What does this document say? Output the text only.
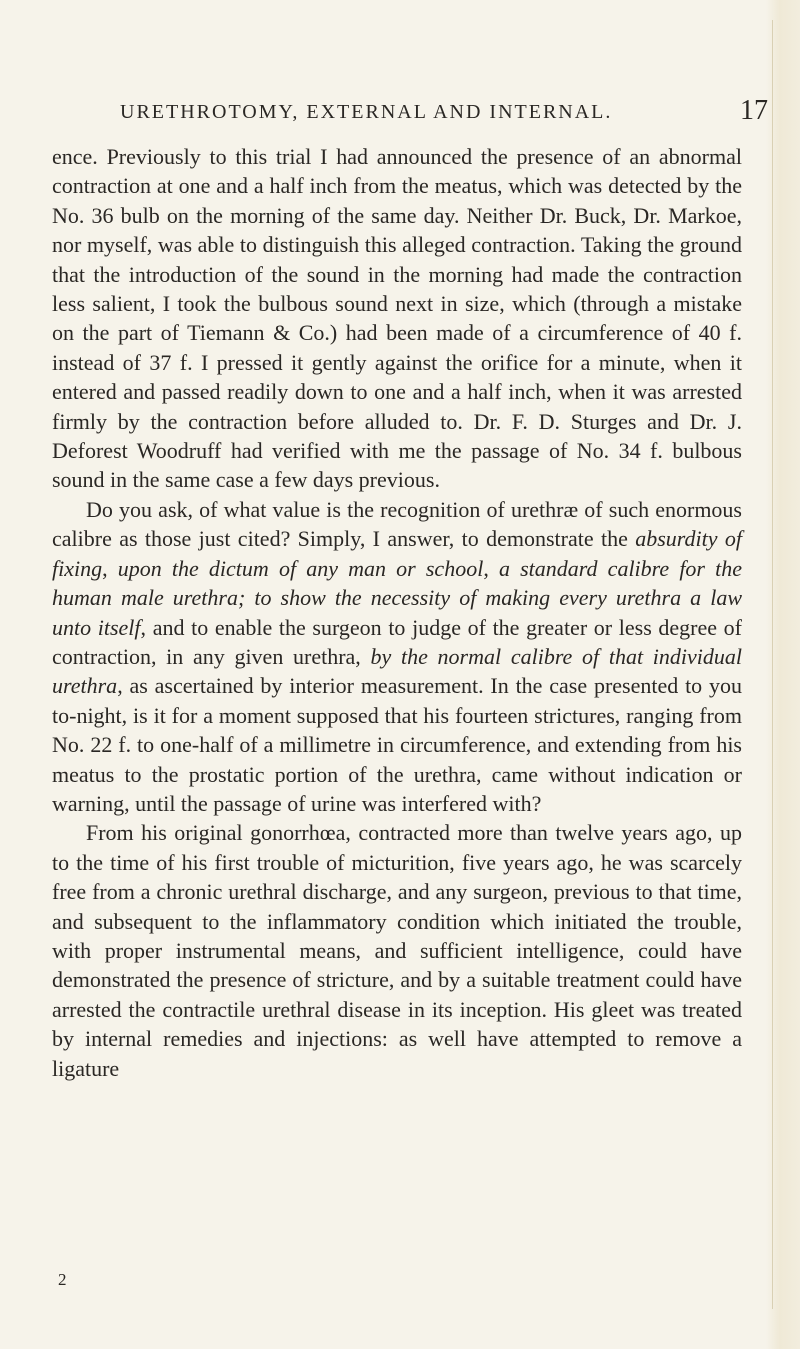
URETHROTOMY, EXTERNAL AND INTERNAL.	17

ence. Previously to this trial I had announced the presence of an abnormal contraction at one and a half inch from the meatus, which was detected by the No. 36 bulb on the morning of the same day. Neither Dr. Buck, Dr. Markoe, nor myself, was able to distinguish this alleged contraction. Taking the ground that the introduction of the sound in the morning had made the contraction less salient, I took the bulbous sound next in size, which (through a mistake on the part of Tiemann & Co.) had been made of a circumference of 40 f. instead of 37 f. I pressed it gently against the orifice for a minute, when it entered and passed readily down to one and a half inch, when it was arrested firmly by the contraction before alluded to. Dr. F. D. Sturges and Dr. J. Deforest Woodruff had verified with me the passage of No. 34 f. bulbous sound in the same case a few days previous.

Do you ask, of what value is the recognition of urethræ of such enormous calibre as those just cited? Simply, I answer, to demonstrate the absurdity of fixing, upon the dictum of any man or school, a standard calibre for the human male urethra; to show the necessity of making every urethra a law unto itself, and to enable the surgeon to judge of the greater or less degree of contraction, in any given urethra, by the normal calibre of that individual urethra, as ascertained by interior measurement. In the case presented to you to-night, is it for a moment supposed that his fourteen strictures, ranging from No. 22 f. to one-half of a millimetre in circumference, and extending from his meatus to the prostatic portion of the urethra, came without indication or warning, until the passage of urine was interfered with?

From his original gonorrhœa, contracted more than twelve years ago, up to the time of his first trouble of micturition, five years ago, he was scarcely free from a chronic urethral discharge, and any surgeon, previous to that time, and subsequent to the inflammatory condition which initiated the trouble, with proper instrumental means, and sufficient intelligence, could have demonstrated the presence of stricture, and by a suitable treatment could have arrested the contractile urethral disease in its inception. His gleet was treated by internal remedies and injections: as well have attempted to remove a ligature

2
